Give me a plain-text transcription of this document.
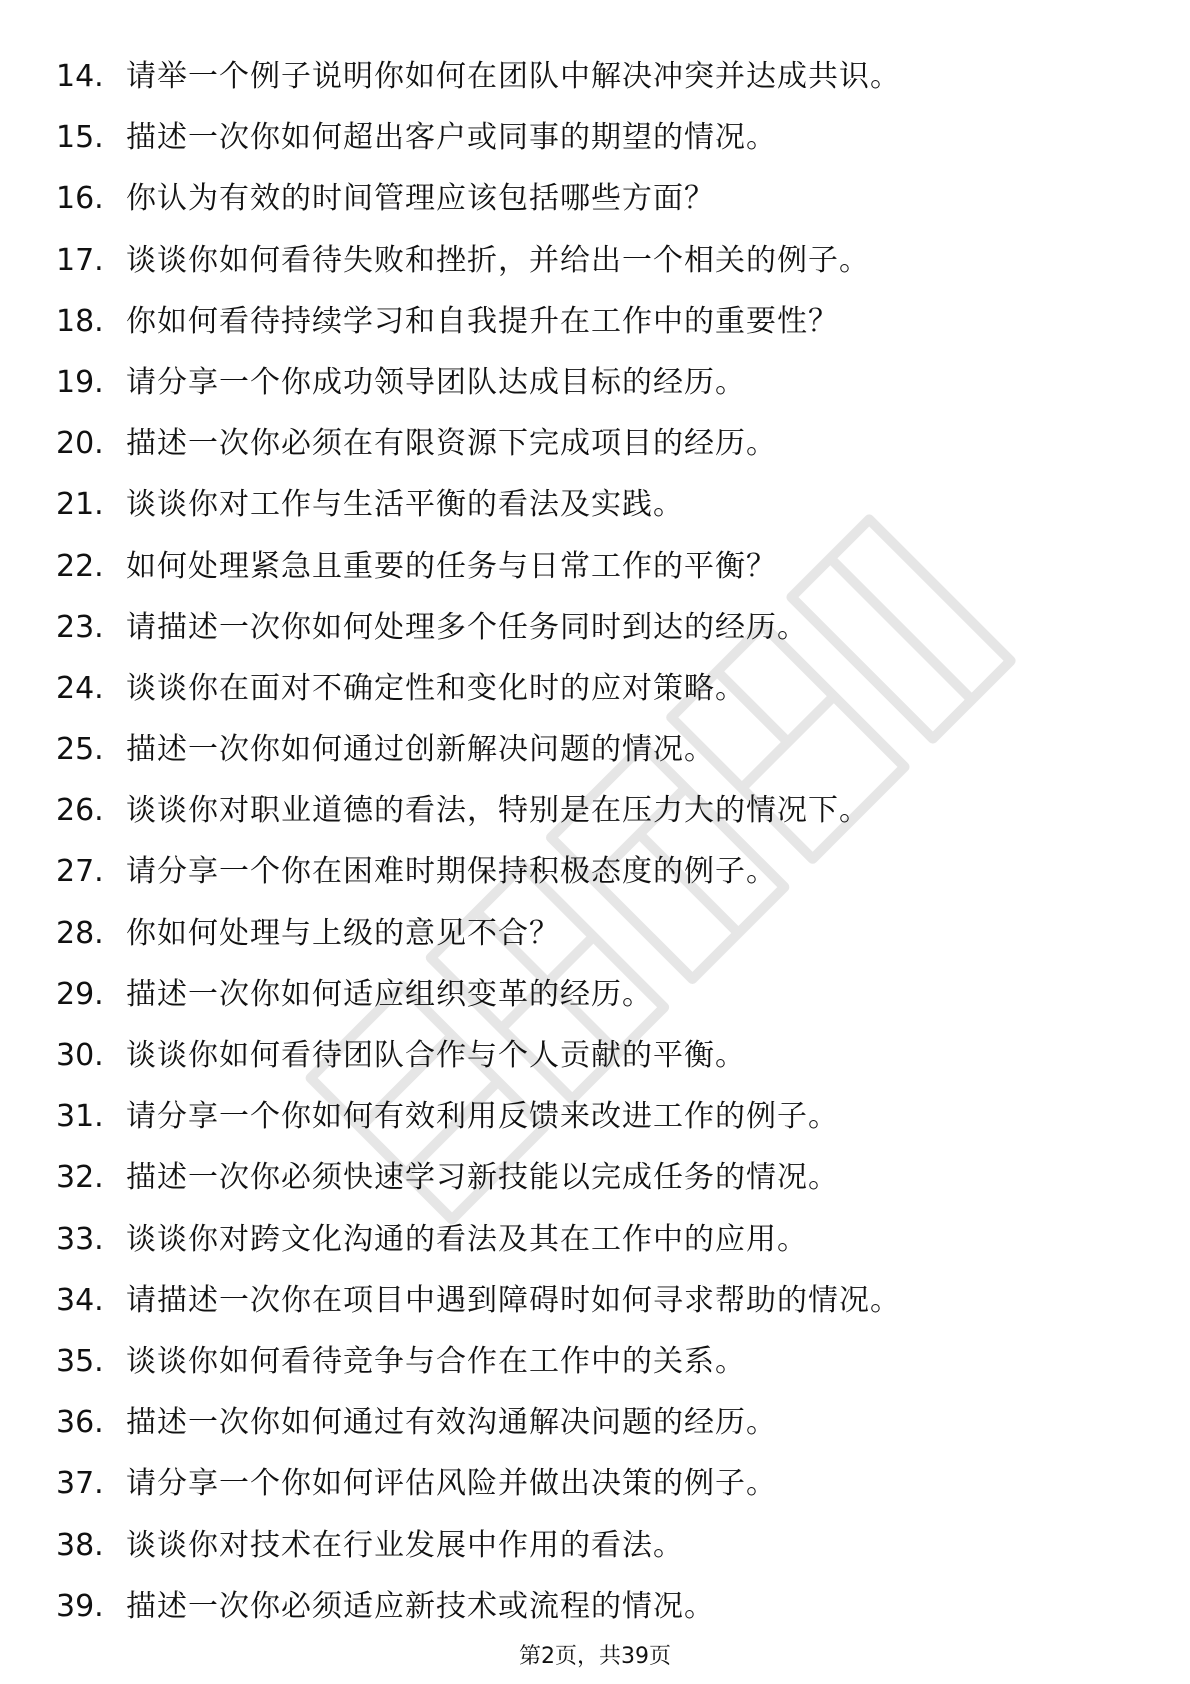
14. 请举一个例子说明你如何在团队中解决冲突并达成共识。
15. 描述一次你如何超出客户或同事的期望的情况。
16. 你认为有效的时间管理应该包括哪些方面？
17. 谈谈你如何看待失败和挫折，并给出一个相关的例子。
18. 你如何看待持续学习和自我提升在工作中的重要性？
19. 请分享一个你成功领导团队达成目标的经历。
20. 描述一次你必须在有限资源下完成项目的经历。
21. 谈谈你对工作与生活平衡的看法及实践。
22. 如何处理紧急且重要的任务与日常工作的平衡？
23. 请描述一次你如何处理多个任务同时到达的经历。
24. 谈谈你在面对不确定性和变化时的应对策略。
25. 描述一次你如何通过创新解决问题的情况。
26. 谈谈你对职业道德的看法，特别是在压力大的情况下。
27. 请分享一个你在困难时期保持积极态度的例子。
28. 你如何处理与上级的意见不合？
29. 描述一次你如何适应组织变革的经历。
30. 谈谈你如何看待团队合作与个人贡献的平衡。
31. 请分享一个你如何有效利用反馈来改进工作的例子。
32. 描述一次你必须快速学习新技能以完成任务的情况。
33. 谈谈你对跨文化沟通的看法及其在工作中的应用。
34. 请描述一次你在项目中遇到障碍时如何寻求帮助的情况。
35. 谈谈你如何看待竞争与合作在工作中的关系。
36. 描述一次你如何通过有效沟通解决问题的经历。
37. 请分享一个你如何评估风险并做出决策的例子。
38. 谈谈你对技术在行业发展中作用的看法。
39. 描述一次你必须适应新技术或流程的情况。
第2页，共39页
